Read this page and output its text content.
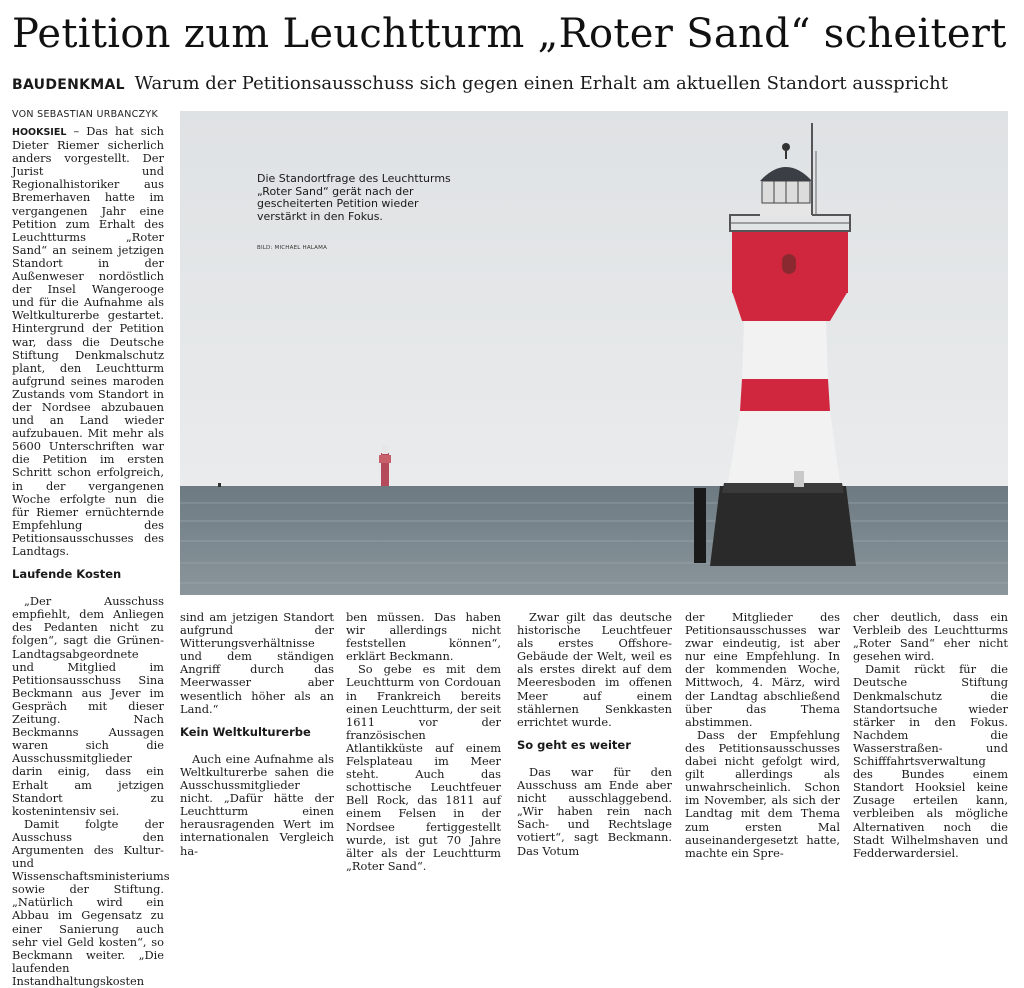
Petition zum Leuchtturm „Roter Sand“ scheitert
BAUDENKMAL Warum der Petitionsausschuss sich gegen einen Erhalt am aktuellen Standort ausspricht
VON SEBASTIAN URBANCZYK

HOOKSIEL – Das hat sich Dieter Riemer sicherlich anders vorgestellt. Der Jurist und Regionalhistoriker aus Bremerhaven hatte im vergangenen Jahr eine Petition zum Erhalt des Leuchtturms „Roter Sand“ an seinem jetzigen Standort in der Außenweser nordöstlich der Insel Wangerooge und für die Aufnahme als Weltkulturerbe gestartet. Hintergrund der Petition war, dass die Deutsche Stiftung Denkmalschutz plant, den Leuchtturm aufgrund seines maroden Zustands vom Standort in der Nordsee abzubauen und an Land wieder aufzubauen. Mit mehr als 5600 Unterschriften war die Petition im ersten Schritt schon erfolgreich, in der vergangenen Woche erfolgte nun die für Riemer ernüchternde Empfehlung des Petitionsausschusses des Landtags.

Laufende Kosten

„Der Ausschuss empfiehlt, dem Anliegen des Pedanten nicht zu folgen“, sagt die Grünen-Landtagsabgeordnete und Mitglied im Petitionsausschuss Sina Beckmann aus Jever im Gespräch mit dieser Zeitung. Nach Beckmanns Aussagen waren sich die Ausschussmitglieder darin einig, dass ein Erhalt am jetzigen Standort zu kostenintensiv sei.

Damit folgte der Ausschuss den Argumenten des Kultur- und Wissenschaftsministeriums sowie der Stiftung. „Natürlich wird ein Abbau im Gegensatz zu einer Sanierung auch sehr viel Geld kosten“, so Beckmann weiter. „Die laufenden Instandhaltungskosten

Die Standortfrage des Leuchtturms „Roter Sand“ gerät nach der gescheiterten Petition wieder verstärkt in den Fokus.
BILD: MICHAEL HALAMA

sind am jetzigen Standort aufgrund der Witterungsverhältnisse und dem ständigen Angriff durch das Meerwasser aber wesentlich höher als an Land.“

Kein Weltkulturerbe

Auch eine Aufnahme als Weltkulturerbe sahen die Ausschussmitglieder nicht. „Dafür hätte der Leuchtturm einen herausragenden Wert im internationalen Vergleich ha-

ben müssen. Das haben wir allerdings nicht feststellen können“, erklärt Beckmann.

So gebe es mit dem Leuchtturm von Cordouan in Frankreich bereits einen Leuchtturm, der seit 1611 vor der französischen Atlantikküste auf einem Felsplateau im Meer steht. Auch das schottische Leuchtfeuer Bell Rock, das 1811 auf einem Felsen in der Nordsee fertiggestellt wurde, ist gut 70 Jahre älter als der Leuchtturm „Roter Sand“.

Zwar gilt das deutsche historische Leuchtfeuer als erstes Offshore-Gebäude der Welt, weil es als erstes direkt auf dem Meeresboden im offenen Meer auf einem stählernen Senkkasten errichtet wurde.

So geht es weiter

Das war für den Ausschuss am Ende aber nicht ausschlaggebend. „Wir haben rein nach Sach- und Rechtslage votiert“, sagt Beckmann. Das Votum

der Mitglieder des Petitionsausschusses war zwar eindeutig, ist aber nur eine Empfehlung. In der kommenden Woche, Mittwoch, 4. März, wird der Landtag abschließend über das Thema abstimmen.

Dass der Empfehlung des Petitionsausschusses dabei nicht gefolgt wird, gilt allerdings als unwahrscheinlich. Schon im November, als sich der Landtag mit dem Thema zum ersten Mal auseinandergesetzt hatte, machte ein Spre-

cher deutlich, dass ein Verbleib des Leuchtturms „Roter Sand“ eher nicht gesehen wird.

Damit rückt für die Deutsche Stiftung Denkmalschutz die Standortsuche wieder stärker in den Fokus. Nachdem die Wasserstraßen- und Schifffahrtsverwaltung des Bundes einem Standort Hooksiel keine Zusage erteilen kann, verbleiben als mögliche Alternativen noch die Stadt Wilhelmshaven und Fedderwardersiel.
